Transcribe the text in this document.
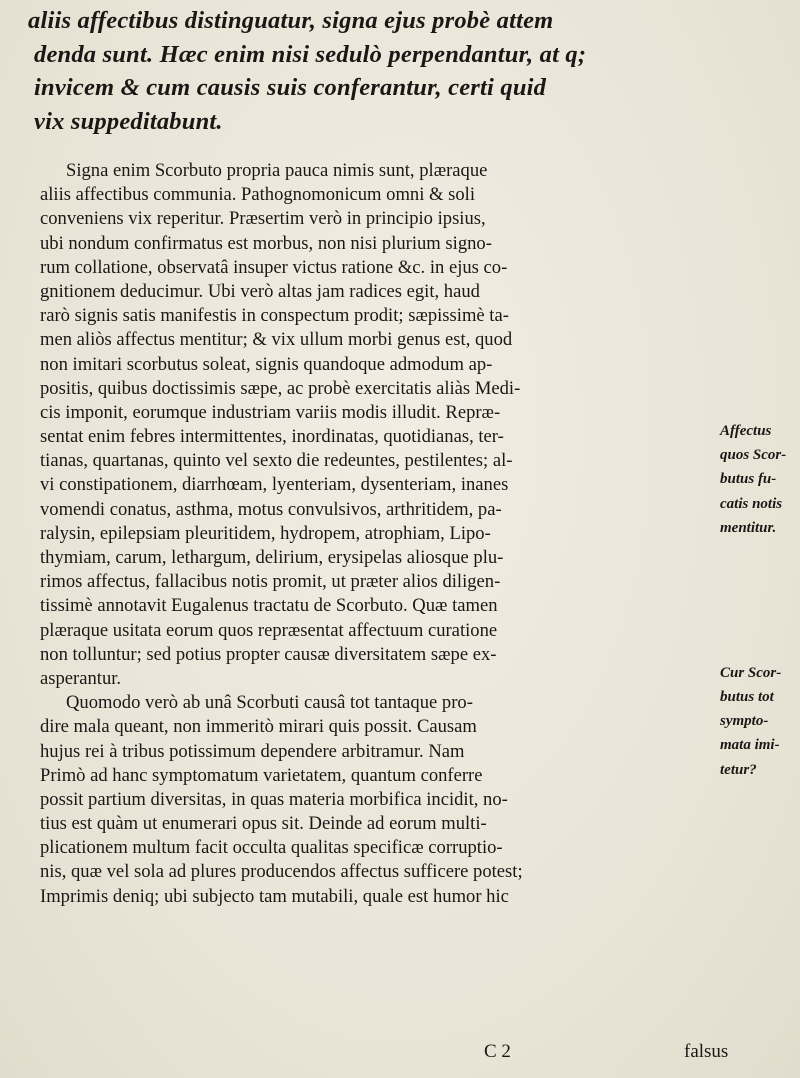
aliis affectibus distinguatur, signa ejus probè attem
denda sunt. Hæc enim nisi sedulò perpendantur, at q;
invicem & cum causis suis conferantur, certi quid
vix suppeditabunt.
Signa enim Scorbuto propria pauca nimis sunt, plæraque
aliis affectibus communia. Pathognomonicum omni & soli
conveniens vix reperitur. Præsertim verò in principio ipsius,
ubi nondum confirmatus est morbus, non nisi plurium signo-
rum collatione, observatâ insuper victus ratione &c. in ejus co-
gnitionem deducimur. Ubi verò altas jam radices egit, haud
rarò signis satis manifestis in conspectum prodit; sæpissimè ta-
men aliòs affectus mentitur; & vix ullum morbi genus est, quod
non imitari scorbutus soleat, signis quandoque admodum ap-
positis, quibus doctissimis sæpe, ac probè exercitatis aliàs Medi-
cis imponit, eorumque industriam variis modis illudit. Repræ-
sentat enim febres intermittentes, inordinatas, quotidianas, ter-
tianas, quartanas, quinto vel sexto die redeuntes, pestilentes; al-
vi constipationem, diarrhœam, lyenteriam, dysenteriam, inanes
vomendi conatus, asthma, motus convulsivos, arthritidem, pa-
ralysin, epilepsiam pleuritidem, hydropem, atrophiam, Lipo-
thymiam, carum, lethargum, delirium, erysipelas aliosque plu-
rimos affectus, fallacibus notis promit, ut præter alios diligen-
tissimè annotavit Eugalenus tractatu de Scorbuto. Quæ tamen
plæraque usitata eorum quos repræsentat affectuum curatione
non tolluntur; sed potius propter causæ diversitatem sæpe ex-
asperantur.
Quomodo verò ab unâ Scorbuti causâ tot tantaque pro-
dire mala queant, non immeritò mirari quis possit. Causam
hujus rei à tribus potissimum dependere arbitramur. Nam
Primò ad hanc symptomatum varietatem, quantum conferre
possit partium diversitas, in quas materia morbifica incidit, no-
tius est quàm ut enumerari opus sit. Deinde ad eorum multi-
plicationem multum facit occulta qualitas specificæ corruptio-
nis, quæ vel sola ad plures producendos affectus sufficere potest;
Imprimis deniq; ubi subjecto tam mutabili, quale est humor hic
Affectus
quos Scor-
butus fu-
catis notis
mentitur.
Cur Scor-
butus tot
sympto-
mata imi-
tetur?
C 2	falsus
